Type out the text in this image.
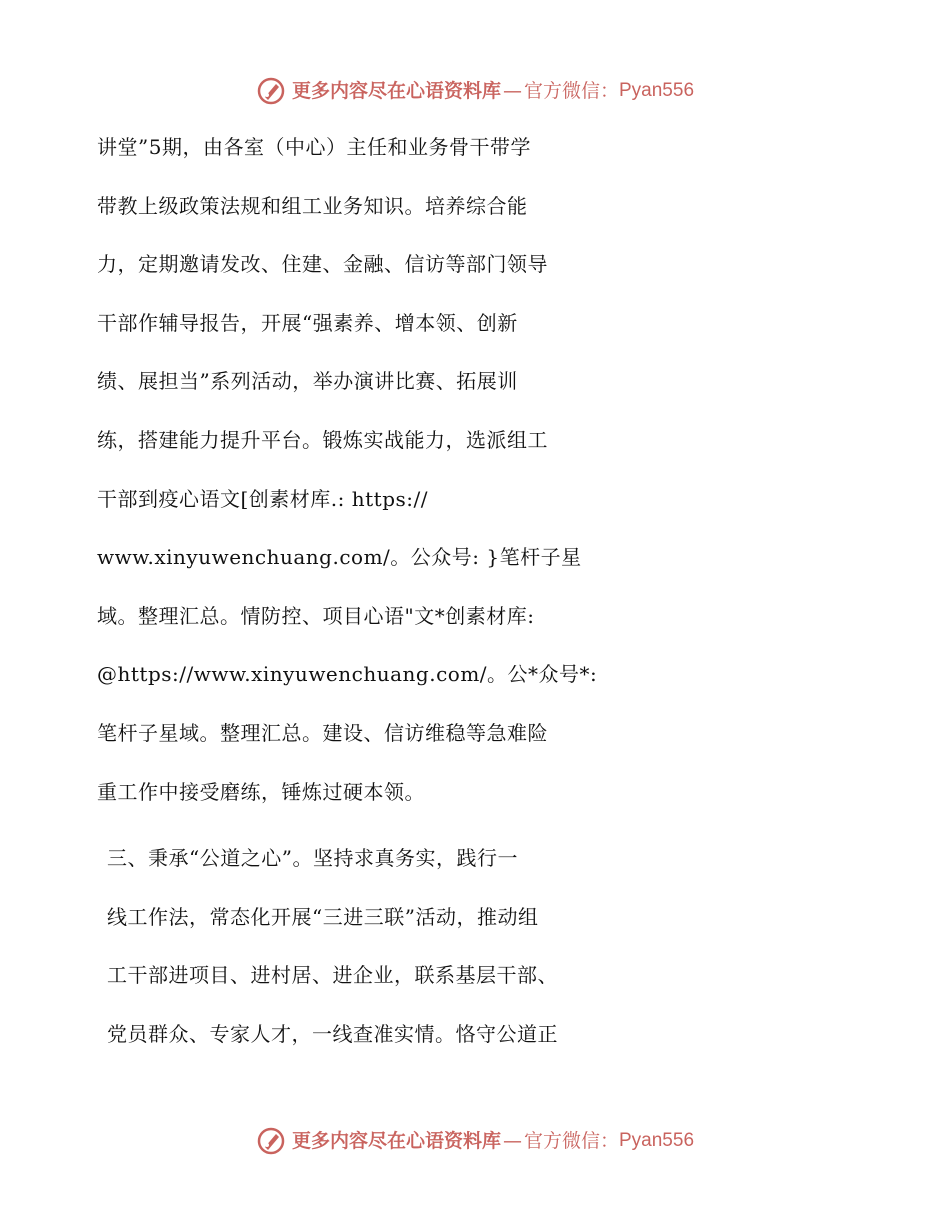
更多内容尽在心语资料库 — 官方微信： Pyan556

讲堂”5期，由各室（中心）主任和业务骨干带学
带教上级政策法规和组工业务知识。培养综合能
力，定期邀请发改、住建、金融、信访等部门领导
干部作辅导报告，开展“强素养、增本领、创新
绩、展担当”系列活动，举办演讲比赛、拓展训
练，搭建能力提升平台。锻炼实战能力，选派组工
干部到疫心语文[创素材库.: https://
www.xinyuwenchuang.com/。公众号: }笔杆子星
域。整理汇总。情防控、项目心语"文*创素材库:
@https://www.xinyuwenchuang.com/。公*众号*:
笔杆子星域。整理汇总。建设、信访维稳等急难险
重工作中接受磨练，锤炼过硬本领。

三、秉承“公道之心”。坚持求真务实，践行一
线工作法，常态化开展“三进三联”活动，推动组
工干部进项目、进村居、进企业，联系基层干部、
党员群众、专家人才，一线查准实情。恪守公道正

更多内容尽在心语资料库 — 官方微信： Pyan556
